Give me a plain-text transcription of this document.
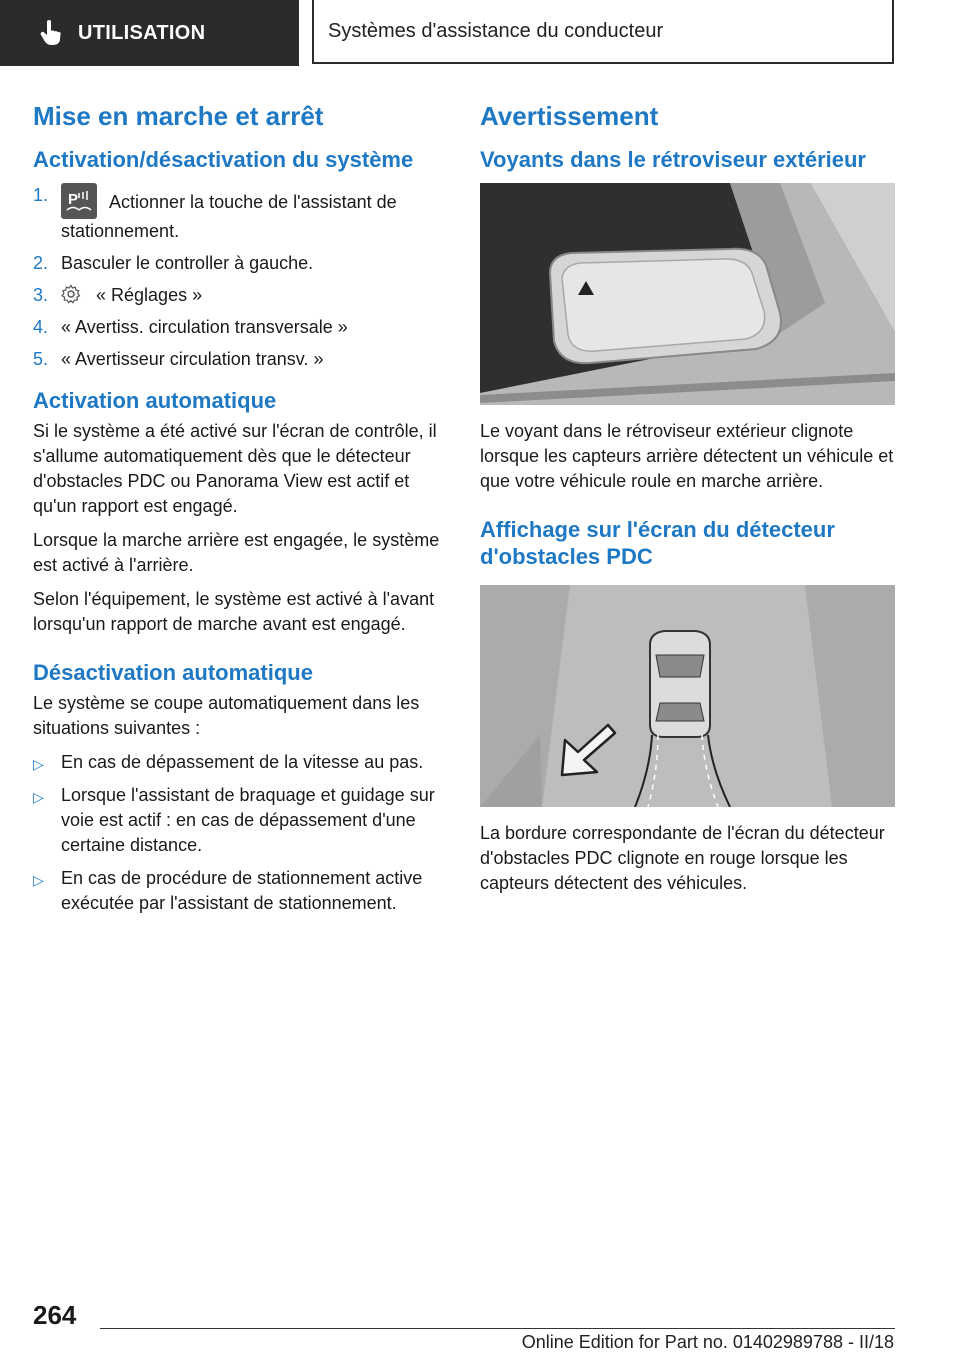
UTILISATION	Systèmes d'assistance du conducteur
Mise en marche et arrêt
Activation/désactivation du système
1. P Actionner la touche de l'assistant de stationnement.
2. Basculer le controller à gauche.
3.	« Réglages »
4. « Avertiss. circulation transversale »
5. « Avertisseur circulation transv. »
Activation automatique

Si le système a été activé sur l'écran de contrôle, il s'allume automatiquement dès que le détecteur d'obstacles PDC ou Panorama View est actif et qu'un rapport est engagé.

Lorsque la marche arrière est engagée, le système est activé à l'arrière.

Selon l'équipement, le système est activé à l'avant lorsqu'un rapport de marche avant est engagé.

Désactivation automatique

Le système se coupe automatiquement dans les situations suivantes :

▷ En cas de dépassement de la vitesse au pas.
▷ Lorsque l'assistant de braquage et guidage sur voie est actif : en cas de dépassement d'une certaine distance.
▷ En cas de procédure de stationnement active exécutée par l'assistant de stationnement.
Avertissement
Voyants dans le rétroviseur extérieur

Le voyant dans le rétroviseur extérieur clignote lorsque les capteurs arrière détectent un véhicule et que votre véhicule roule en marche arrière.

Affichage sur l'écran du détecteur d'obstacles PDC

La bordure correspondante de l'écran du détecteur d'obstacles PDC clignote en rouge lorsque les capteurs détectent des véhicules.

264
Online Edition for Part no. 01402989788 - II/18
